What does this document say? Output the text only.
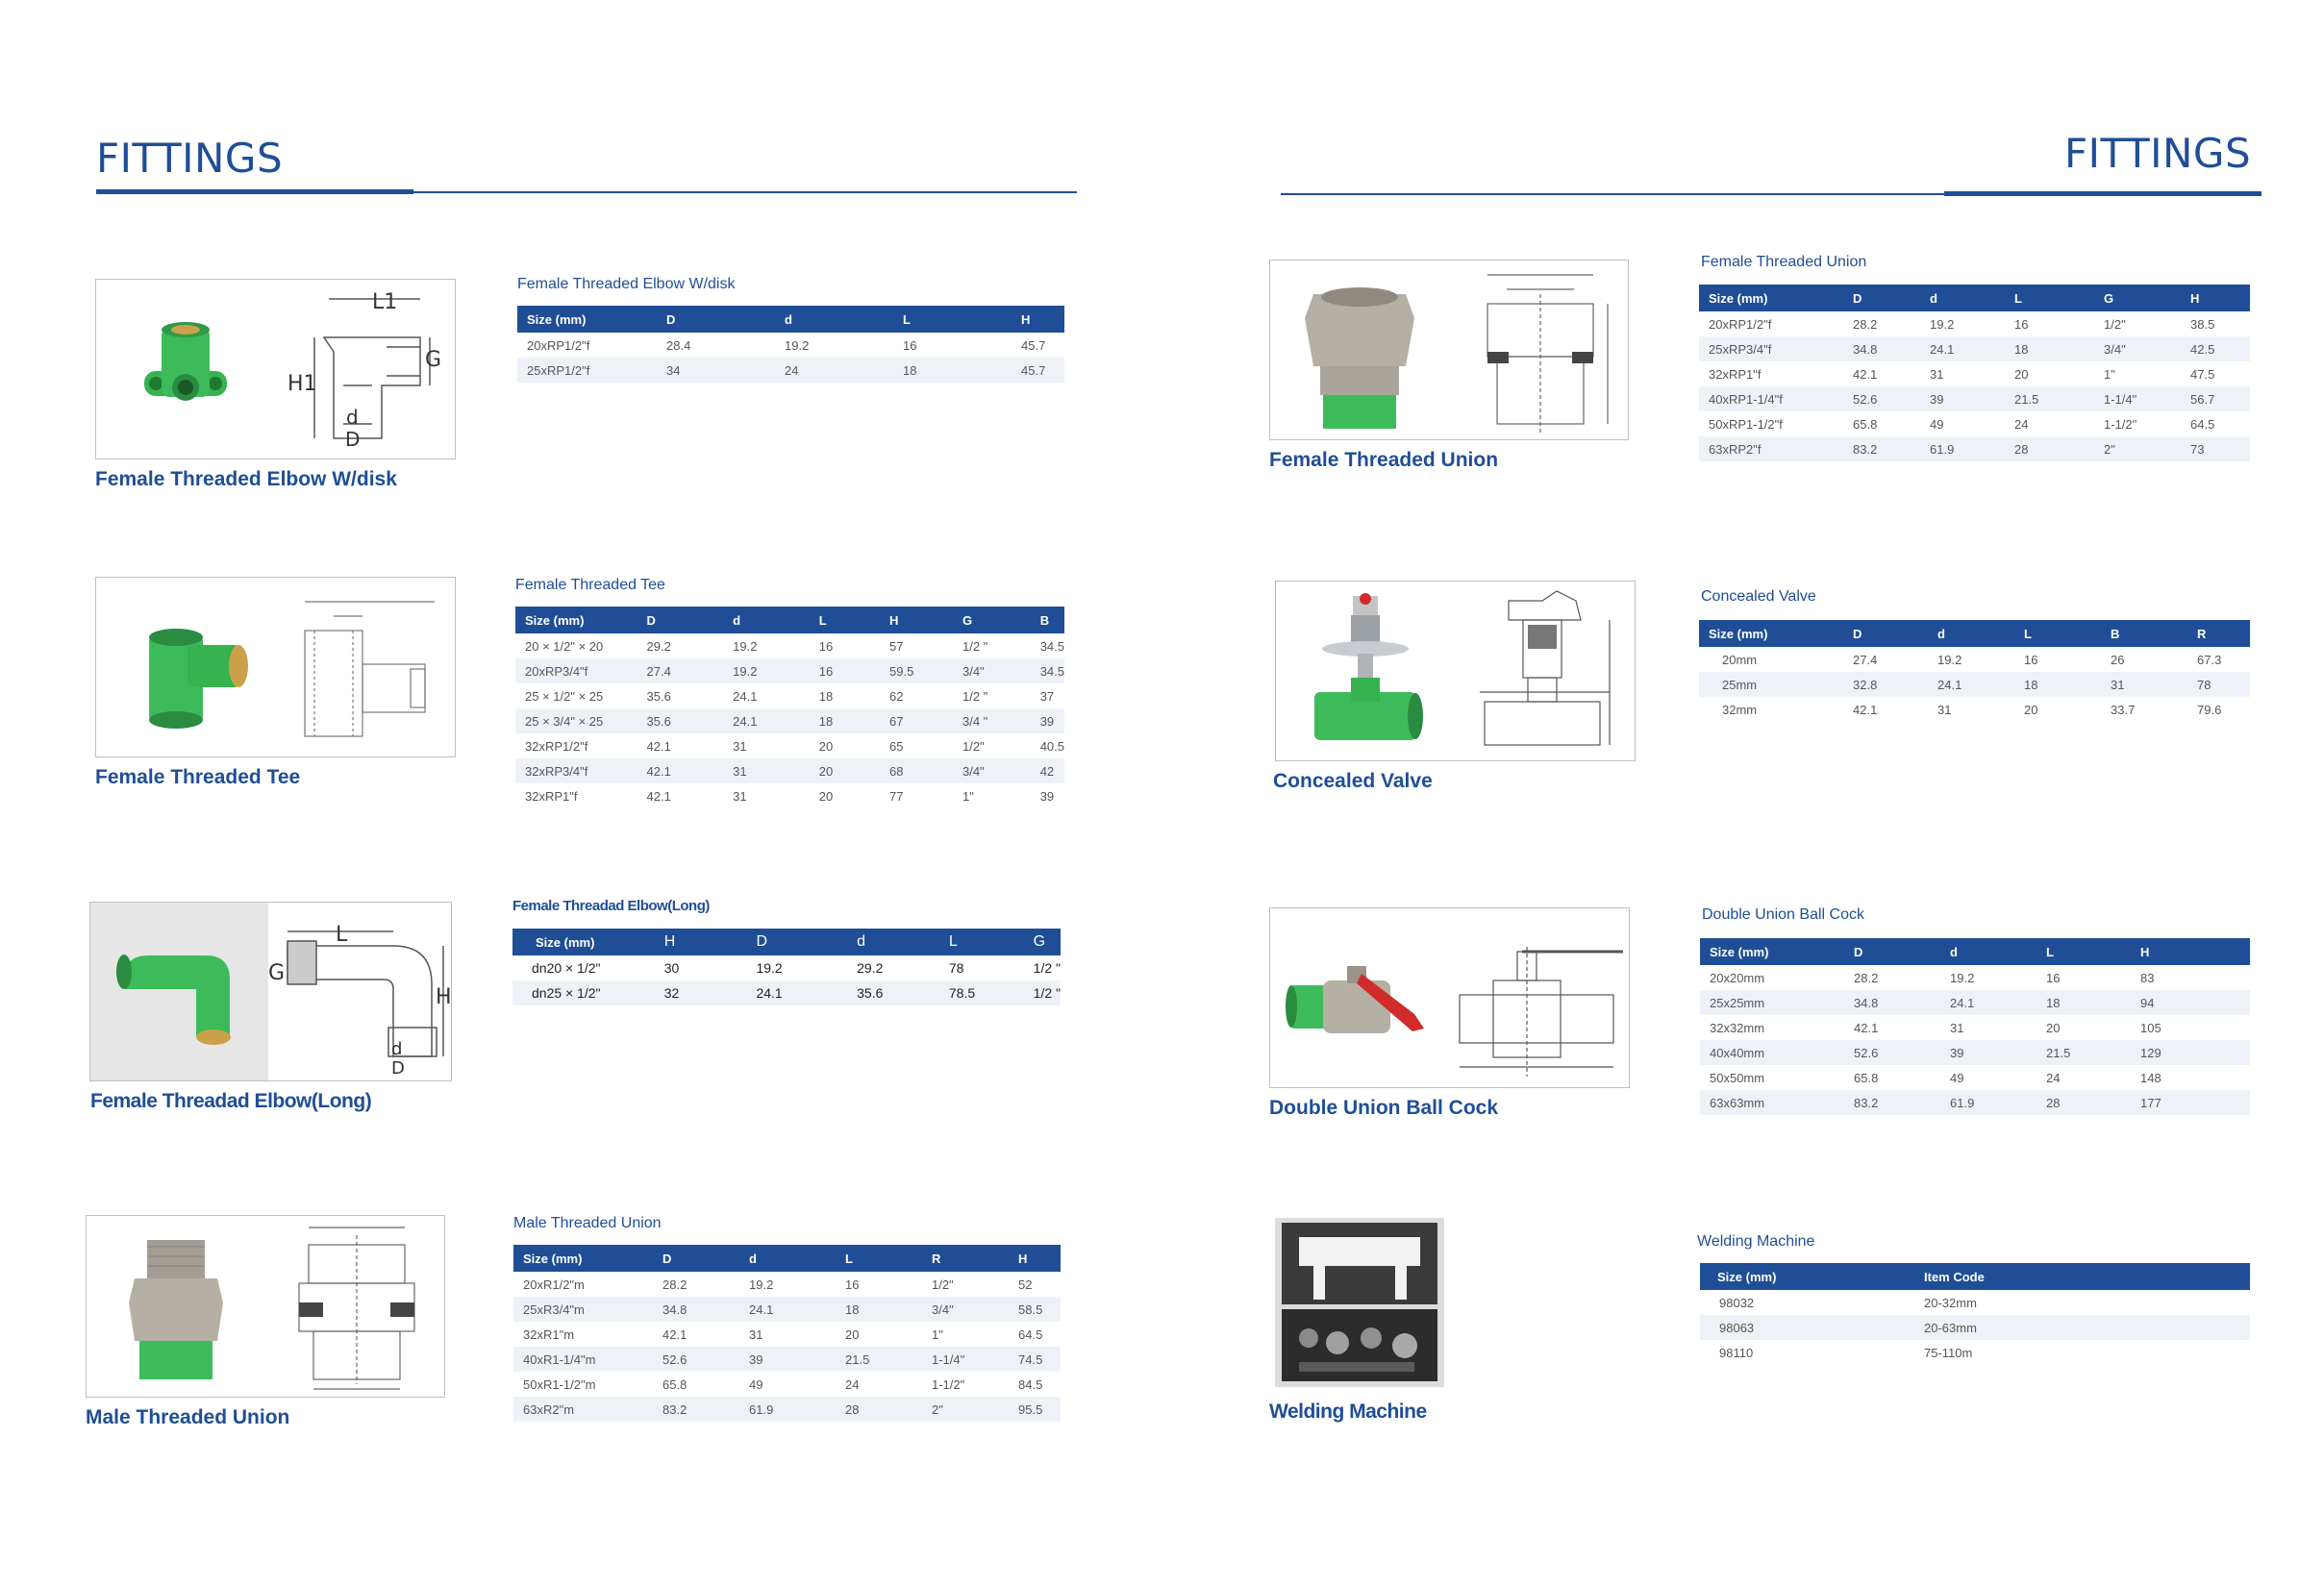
FITTINGS	FITTINGS
L1
G
H1
d
D
Female Threaded Elbow W/disk
Female Threaded Elbow W/disk
Size (mm)	D	d	L	H
20xRP1/2"f	28.4	19.2	16	45.7
25xRP1/2"f	34	24	18	45.7
Female Threaded Tee
Female Threaded Tee
Size (mm)	D	d	L	H	G	B
20 × 1/2" × 20	29.2	19.2	16	57	1/2 "	34.5
20xRP3/4"f	27.4	19.2	16	59.5	3/4"	34.5
25 × 1/2" × 25	35.6	24.1	18	62	1/2 "	37
25 × 3/4" × 25	35.6	24.1	18	67	3/4 "	39
32xRP1/2"f	42.1	31	20	65	1/2"	40.5
32xRP3/4"f	42.1	31	20	68	3/4"	42
32xRP1"f	42.1	31	20	77	1"	39
L
G
H
d
D
Female Threadad Elbow(Long)
Female Threadad Elbow(Long)
Size (mm)	H	D	d	L	G
dn20 × 1/2"	30	19.2	29.2	78	1/2 "
dn25 × 1/2"	32	24.1	35.6	78.5	1/2 "
Male Threaded Union
Male Threaded Union
Size (mm)	D	d	L	R	H
20xR1/2"m	28.2	19.2	16	1/2"	52
25xR3/4"m	34.8	24.1	18	3/4"	58.5
32xR1"m	42.1	31	20	1"	64.5
40xR1-1/4"m	52.6	39	21.5	1-1/4"	74.5
50xR1-1/2"m	65.8	49	24	1-1/2"	84.5
63xR2"m	83.2	61.9	28	2"	95.5
Female Threaded Union
Female Threaded Union
Size (mm)	D	d	L	G	H
20xRP1/2"f	28.2	19.2	16	1/2"	38.5
25xRP3/4"f	34.8	24.1	18	3/4"	42.5
32xRP1"f	42.1	31	20	1"	47.5
40xRP1-1/4"f	52.6	39	21.5	1-1/4"	56.7
50xRP1-1/2"f	65.8	49	24	1-1/2"	64.5
63xRP2"f	83.2	61.9	28	2"	73
Concealed Valve
Concealed Valve
Size (mm)	D	d	L	B	R
20mm	27.4	19.2	16	26	67.3
25mm	32.8	24.1	18	31	78
32mm	42.1	31	20	33.7	79.6
Double Union Ball Cock
Double Union Ball Cock
Size (mm)	D	d	L	H
20x20mm	28.2	19.2	16	83
25x25mm	34.8	24.1	18	94
32x32mm	42.1	31	20	105
40x40mm	52.6	39	21.5	129
50x50mm	65.8	49	24	148
63x63mm	83.2	61.9	28	177
Welding Machine
Welding Machine
Size (mm)	Item Code
98032	20-32mm
98063	20-63mm
98110	75-110m
